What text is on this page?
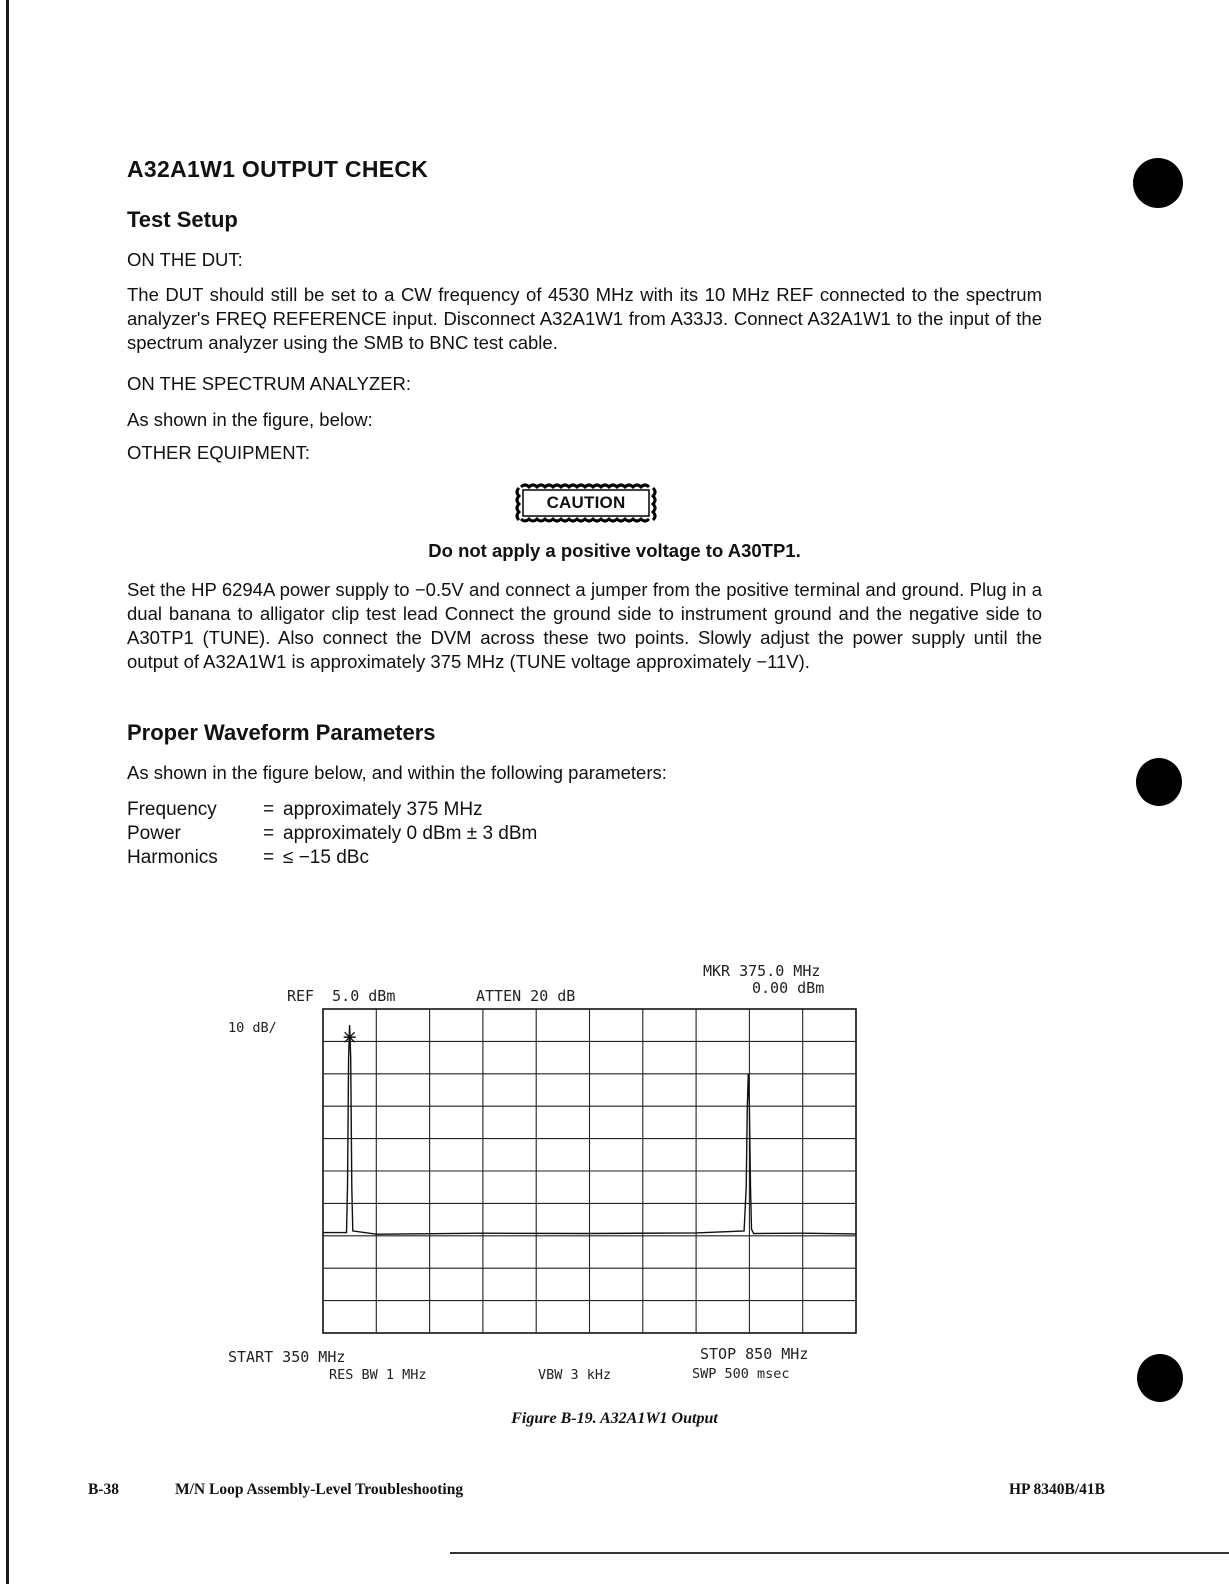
A32A1W1 OUTPUT CHECK
Test Setup

ON THE DUT:

The DUT should still be set to a CW frequency of 4530 MHz with its 10 MHz REF connected to the spectrum analyzer's FREQ REFERENCE input. Disconnect A32A1W1 from A33J3. Connect A32A1W1 to the input of the spectrum analyzer using the SMB to BNC test cable.

ON THE SPECTRUM ANALYZER:

As shown in the figure, below:

OTHER EQUIPMENT:

CAUTION
Do not apply a positive voltage to A30TP1.

Set the HP 6294A power supply to −0.5V and connect a jumper from the positive terminal and ground. Plug in a dual banana to alligator clip test lead Connect the ground side to instrument ground and the negative side to A30TP1 (TUNE). Also connect the DVM across these two points. Slowly adjust the power supply until the output of A32A1W1 is approximately 375 MHz (TUNE voltage approximately −11V).

Proper Waveform Parameters

As shown in the figure below, and within the following parameters:

Frequency	= approximately 375 MHz
Power	= approximately 0 dBm ± 3 dBm
Harmonics	= ≤ −15 dBc
MKR 375.0 MHz
0.00 dBm
REF  5.0 dBm	ATTEN 20 dB
10 dB/
START 350 MHz	STOP 850 MHz
RES BW 1 MHz	VBW 3 kHz	SWP 500 msec
Figure B-19. A32A1W1 Output
B-38	M/N Loop Assembly-Level Troubleshooting	HP 8340B/41B
